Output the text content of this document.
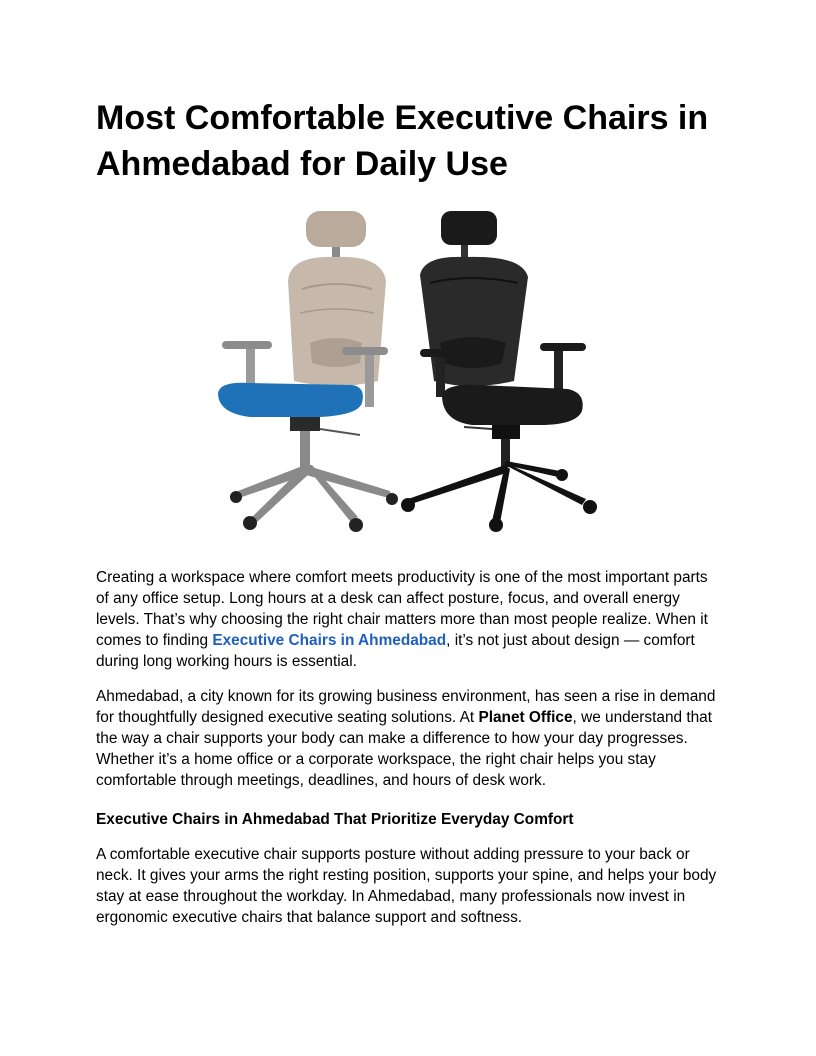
Most Comfortable Executive Chairs in Ahmedabad for Daily Use

Creating a workspace where comfort meets productivity is one of the most important parts of any office setup. Long hours at a desk can affect posture, focus, and overall energy levels. That’s why choosing the right chair matters more than most people realize. When it comes to finding Executive Chairs in Ahmedabad, it’s not just about design — comfort during long working hours is essential.

Ahmedabad, a city known for its growing business environment, has seen a rise in demand for thoughtfully designed executive seating solutions. At Planet Office, we understand that the way a chair supports your body can make a difference to how your day progresses. Whether it’s a home office or a corporate workspace, the right chair helps you stay comfortable through meetings, deadlines, and hours of desk work.

Executive Chairs in Ahmedabad That Prioritize Everyday Comfort

A comfortable executive chair supports posture without adding pressure to your back or neck. It gives your arms the right resting position, supports your spine, and helps your body stay at ease throughout the workday. In Ahmedabad, many professionals now invest in ergonomic executive chairs that balance support and softness.
